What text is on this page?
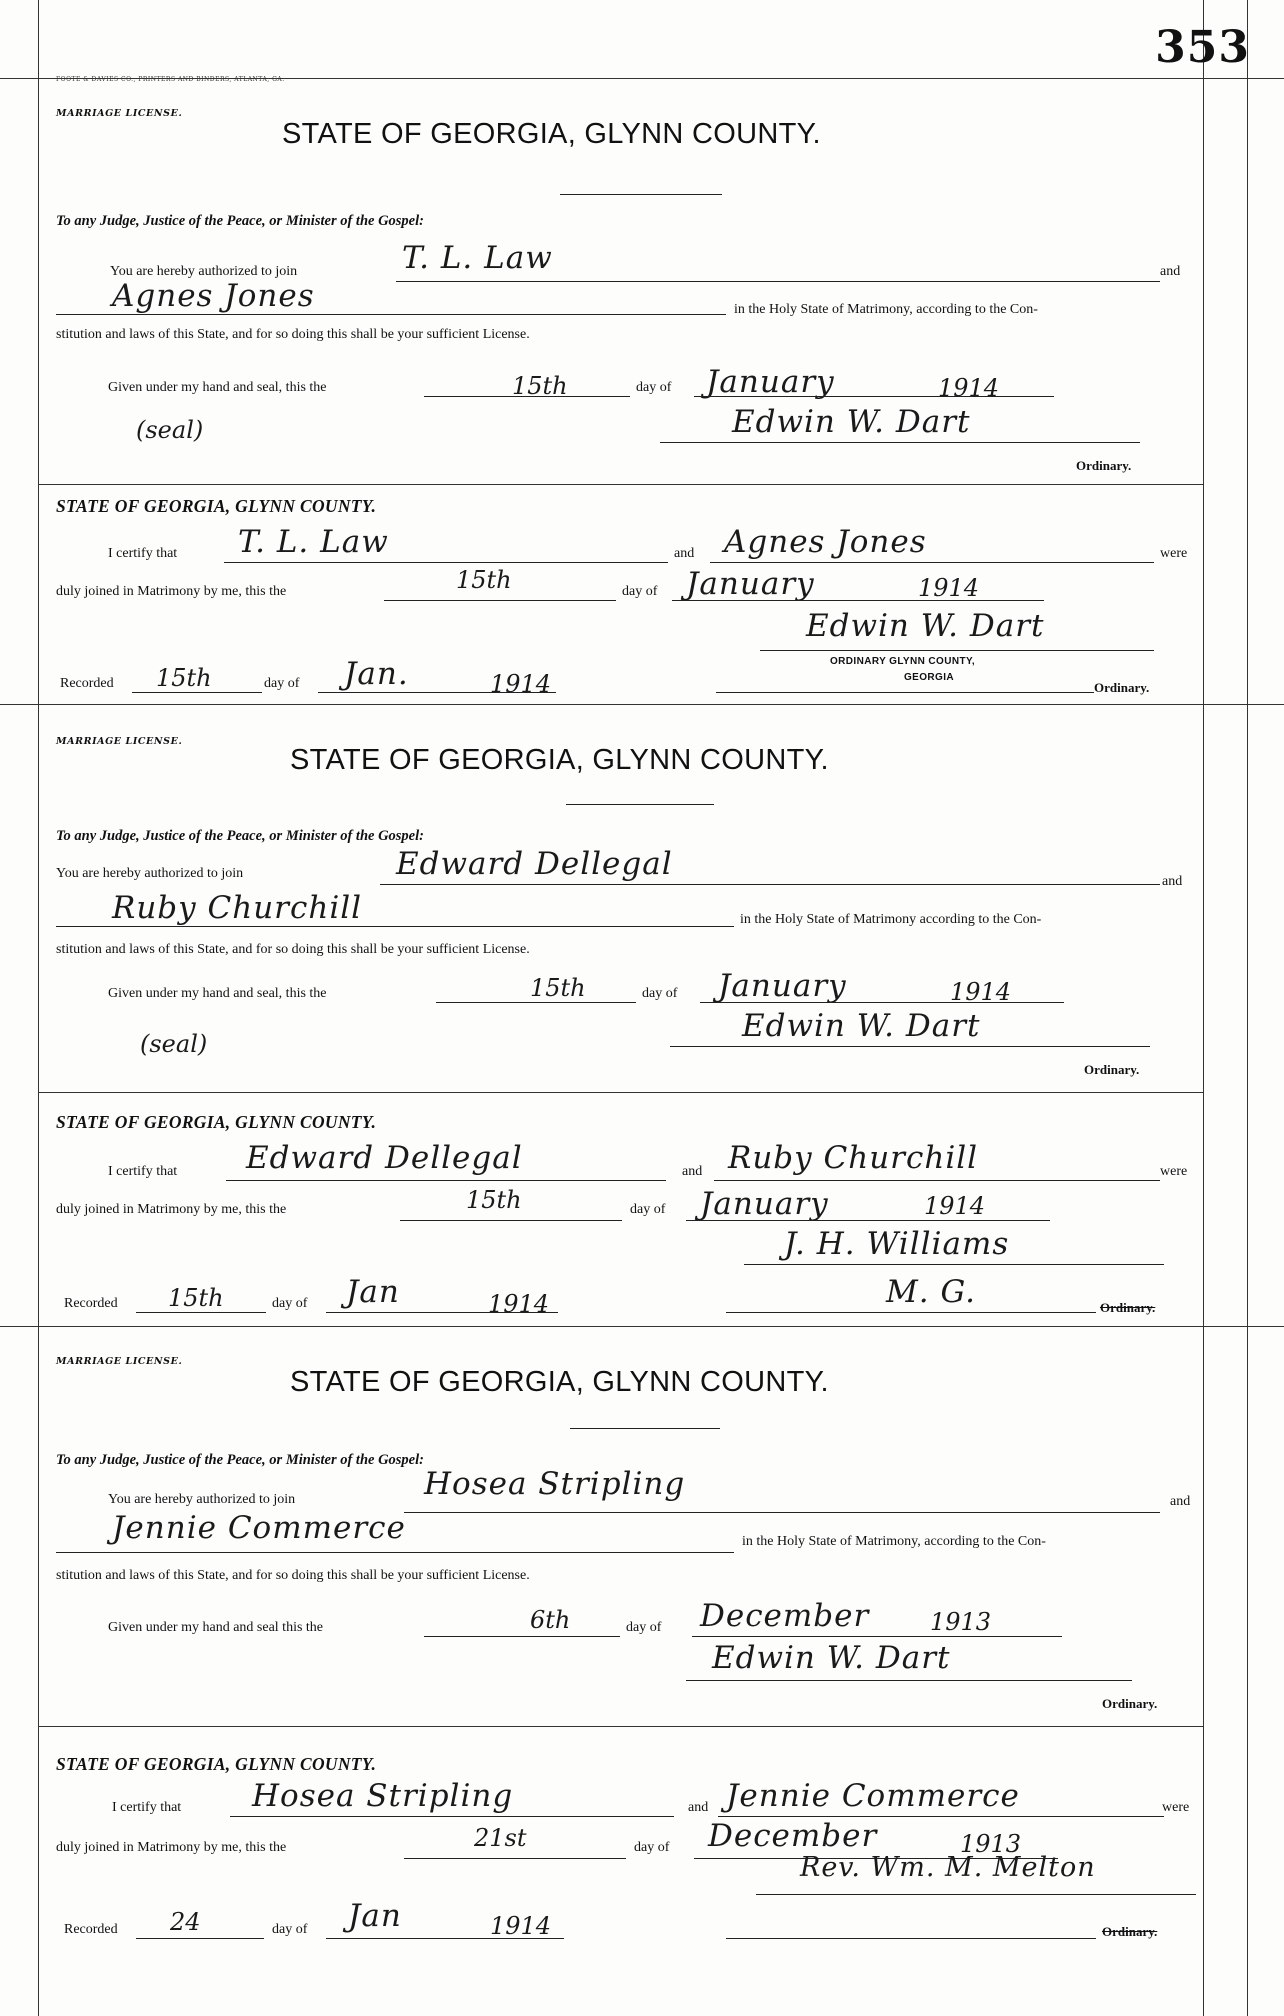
353
FOOTE & DAVIES CO., PRINTERS AND BINDERS, ATLANTA, GA.
MARRIAGE LICENSE.
STATE OF GEORGIA, GLYNN COUNTY.
To any Judge, Justice of the Peace, or Minister of the Gospel:
You are hereby authorized to join	T. L. Law	and
Agnes Jones	in the Holy State of Matrimony, according to the Con-
stitution and laws of this State, and for so doing this shall be your sufficient License.
Given under my hand and seal, this the	15th	day of January	1914
(seal)	Edwin W. Dart
Ordinary.
STATE OF GEORGIA, GLYNN COUNTY.
I certify that T. L. Law	and Agnes Jones	were
duly joined in Matrimony by me, this the	15th	day of January	1914
Edwin W. Dart
ORDINARY GLYNN COUNTY,
GEORGIA
Recorded 15th	day of Jan.	1914	Ordinary.
MARRIAGE LICENSE.
STATE OF GEORGIA, GLYNN COUNTY.
To any Judge, Justice of the Peace, or Minister of the Gospel:
You are hereby authorized to join	Edward Dellegal	and
Ruby Churchill	in the Holy State of Matrimony according to the Con-
stitution and laws of this State, and for so doing this shall be your sufficient License.
Given under my hand and seal, this the	15th	day of January	1914
(seal)	Edwin W. Dart
Ordinary.
STATE OF GEORGIA, GLYNN COUNTY.
I certify that Edward Dellegal	and Ruby Churchill	were
duly joined in Matrimony by me, this the	15th	day of January	1914
J. H. Williams
Recorded 15th	day of Jan	1914	M. G.	Ordinary.
MARRIAGE LICENSE.
STATE OF GEORGIA, GLYNN COUNTY.
To any Judge, Justice of the Peace, or Minister of the Gospel:
You are hereby authorized to join	Hosea Stripling	and
Jennie Commerce	in the Holy State of Matrimony, according to the Con-
stitution and laws of this State, and for so doing this shall be your sufficient License.
Given under my hand and seal this the	6th	day of December	1913
Edwin W. Dart
Ordinary.
STATE OF GEORGIA, GLYNN COUNTY.
I certify that Hosea Stripling	and Jennie Commerce	were
duly joined in Matrimony by me, this the	21st	day of December	1913
Rev. Wm. M. Melton
Recorded 24	day of Jan	1914	Ordinary.
